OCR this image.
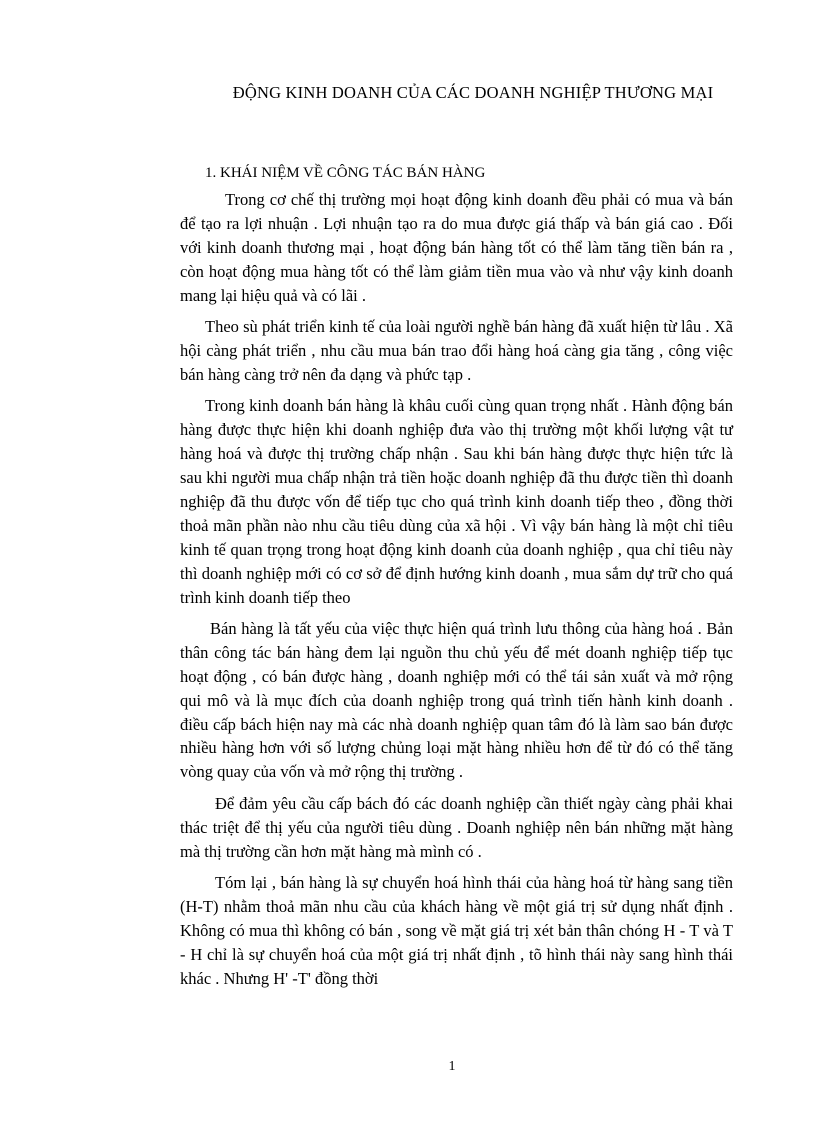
ĐỘNG KINH DOANH CỦA CÁC DOANH NGHIỆP THƯƠNG MẠI
1. KHÁI NIỆM VỀ CÔNG TÁC BÁN HÀNG

Trong cơ chế thị trường mọi hoạt động kinh doanh đều phải có mua và bán để tạo ra lợi nhuận . Lợi nhuận tạo ra do mua được giá thấp và bán giá cao . Đối với kinh doanh thương mại , hoạt động bán hàng tốt có thể làm tăng tiền bán ra , còn hoạt động mua hàng tốt có thể làm giảm tiền mua vào và như vậy kinh doanh mang lại hiệu quả và có lãi .

Theo sù phát triển kinh tế của loài người nghề bán hàng đã xuất hiện từ lâu . Xã hội càng phát triển , nhu cầu mua bán trao đổi hàng hoá càng gia tăng , công việc bán hàng càng trở nên đa dạng và phức tạp .

Trong kinh doanh bán hàng là khâu cuối cùng quan trọng nhất . Hành động bán hàng được thực hiện khi doanh nghiệp đưa vào thị trường một khối lượng vật tư hàng hoá và được thị trường chấp nhận . Sau khi bán hàng được thực hiện tức là sau khi người mua chấp nhận trả tiền hoặc doanh nghiệp đã thu được tiền thì doanh nghiệp đã thu được vốn để tiếp tục cho quá trình kinh doanh tiếp theo , đồng thời thoả mãn phần nào nhu cầu tiêu dùng của xã hội . Vì vậy bán hàng là một chỉ tiêu kinh tế quan trọng trong hoạt động kinh doanh của doanh nghiệp , qua chỉ tiêu này thì doanh nghiệp mới có cơ sở để định hướng kinh doanh , mua sắm dự trữ cho quá trình kinh doanh tiếp theo

Bán hàng là tất yếu của việc thực hiện quá trình lưu thông của hàng hoá . Bản thân công tác bán hàng đem lại nguồn thu chủ yếu để mét doanh nghiệp tiếp tục hoạt động , có bán được hàng , doanh nghiệp mới có thể tái sản xuất và mở rộng qui mô và là mục đích của doanh nghiệp trong quá trình tiến hành kinh doanh . điều cấp bách hiện nay mà các nhà doanh nghiệp quan tâm đó là làm sao bán được nhiều hàng hơn với số lượng chủng loại mặt hàng nhiều hơn để từ đó có thể tăng vòng quay của vốn và mở rộng thị trường .

Để đảm yêu cầu cấp bách đó các doanh nghiệp cần thiết ngày càng phải khai thác triệt để thị yếu của người tiêu dùng . Doanh nghiệp nên bán những mặt hàng mà thị trường cần hơn mặt hàng mà mình có .

Tóm lại , bán hàng là sự chuyển hoá hình thái của hàng hoá từ hàng sang tiền (H-T) nhằm thoả mãn nhu cầu của khách hàng về một giá trị sử dụng nhất định . Không có mua thì không có bán , song về mặt giá trị xét bản thân chóng H - T và T - H chỉ là sự chuyển hoá của một giá trị nhất định , tõ hình thái này sang hình thái khác . Nhưng H' -T' đồng thời

1
